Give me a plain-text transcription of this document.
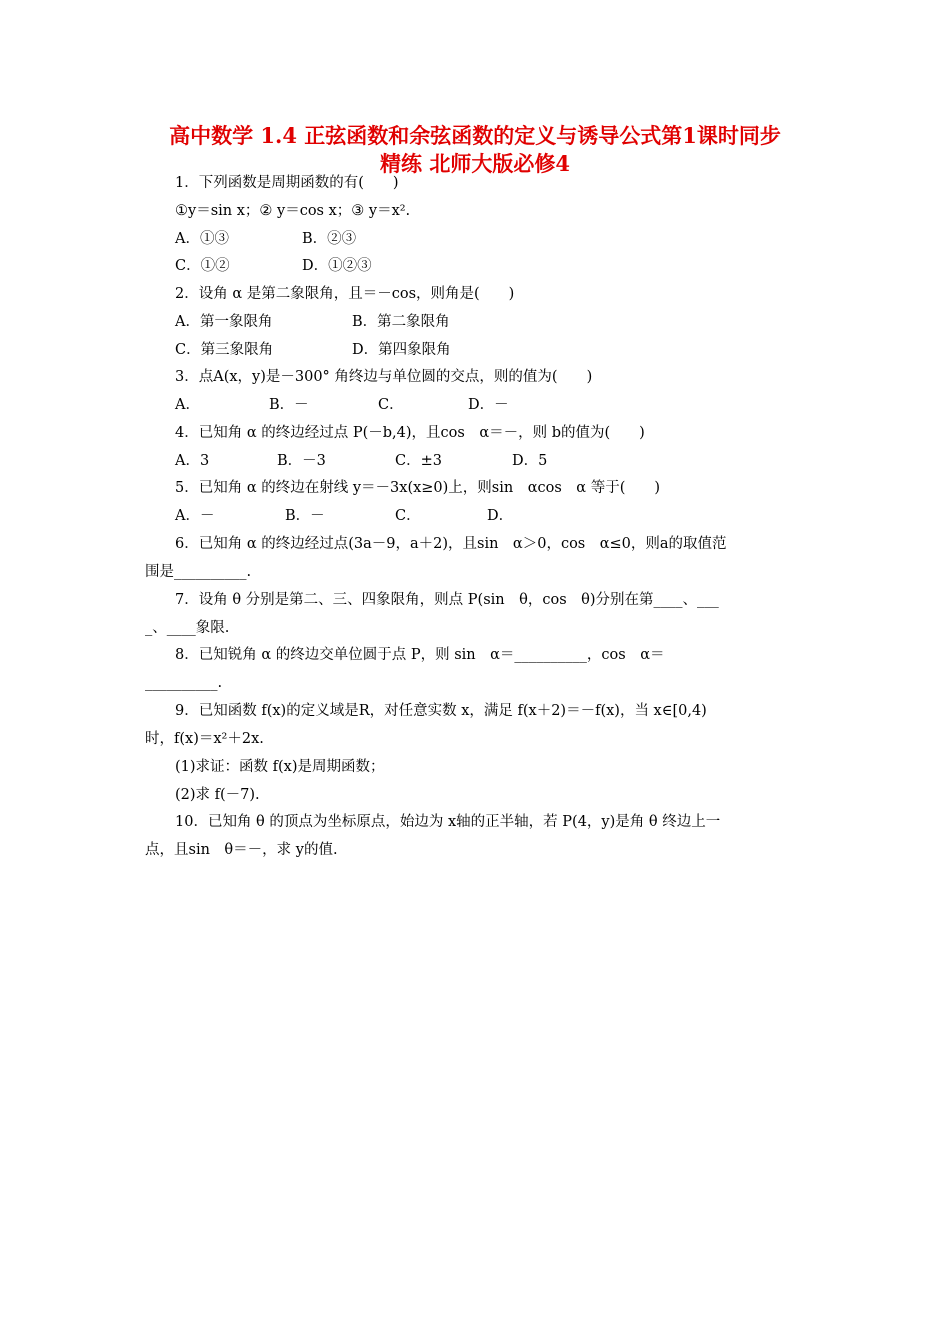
高中数学 1.4 正弦函数和余弦函数的定义与诱导公式第1课时同步
精练 北师大版必修4
1．下列函数是周期函数的有(　　)
①y＝sin x；② y＝cos x；③ y＝x².
A．①③	B．②③
C．①②	D．①②③
2．设角 α 是第二象限角，且＝－cos，则角是(　　)
A．第一象限角	B．第二象限角
C．第三象限角	D．第四象限角
3．点A(x，y)是－300° 角终边与单位圆的交点，则的值为(　　)
A．	B．－	C．	D．－
4．已知角 α 的终边经过点 P(－b,4)，且cos　α＝－，则 b的值为(　　)
A．3	B．－3	C．±3	D．5
5．已知角 α 的终边在射线 y＝－3x(x≥0)上，则sin　αcos　α 等于(　　)
A．－	B．－	C．	D．
6．已知角 α 的终边经过点(3a－9，a＋2)，且sin　α＞0，cos　α≤0，则a的取值范
围是__________.
7．设角 θ 分别是第二、三、四象限角，则点 P(sin　θ，cos　θ)分别在第____、___
_、____象限.
8．已知锐角 α 的终边交单位圆于点 P，则 sin　α＝__________，cos　α＝
__________.
9．已知函数 f(x)的定义域是R，对任意实数 x，满足 f(x＋2)＝－f(x)，当 x∈[0,4)
时，f(x)＝x²＋2x.
(1)求证：函数 f(x)是周期函数；
(2)求 f(－7).
10．已知角 θ 的顶点为坐标原点，始边为 x轴的正半轴，若 P(4，y)是角 θ 终边上一
点，且sin　θ＝－，求 y的值.
